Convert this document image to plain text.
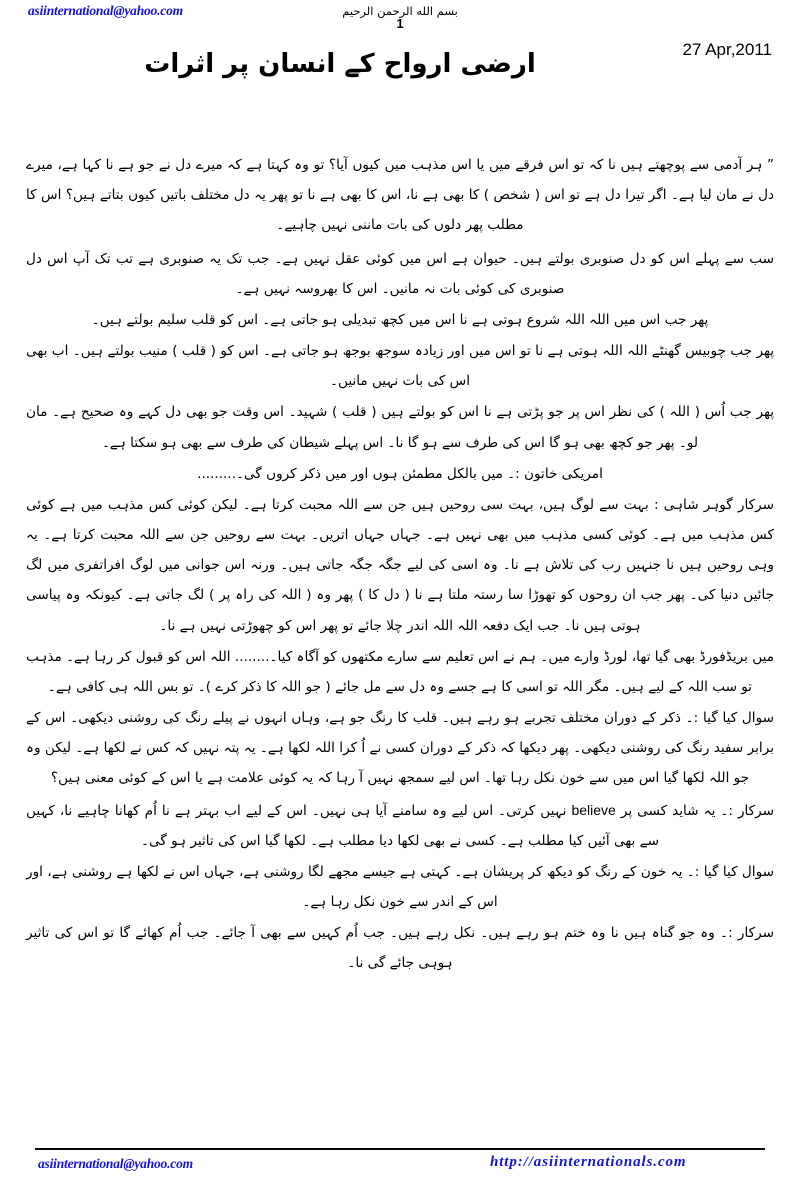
asiinternational@yahoo.com	بسم الله الرحمن الرحيم
1
27 Apr,2011
ارضی ارواح کے انسان پر اثرات

” ہر آدمی سے پوچھتے ہیں نا کہ تو اس فرقے میں یا اس مذہب میں کیوں آیا؟ تو وہ کہتا ہے کہ میرے دل نے جو ہے نا کہا ہے، میرے دل نے مان لیا ہے۔ اگر تیرا دل ہے تو اس ( شخص ) کا بھی ہے نا، اس کا بھی ہے نا تو پھر یہ دل مختلف باتیں کیوں بتاتے ہیں؟ اس کا مطلب پھر دلوں کی بات ماننی نہیں چاہیے۔

سب سے پہلے اس کو دل صنوبری بولتے ہیں۔ حیوان ہے اس میں کوئی عقل نہیں ہے۔ جب تک یہ صنوبری ہے تب تک آپ اس دل صنوبری کی کوئی بات نہ مانیں۔ اس کا بھروسہ نہیں ہے۔

پھر جب اس میں اللہ اللہ شروع ہوتی ہے نا اس میں کچھ تبدیلی ہو جاتی ہے۔ اس کو قلب سلیم بولتے ہیں۔

پھر جب چوبیس گھنٹے اللہ اللہ ہوتی ہے نا تو اس میں اور زیادہ سوجھ بوجھ ہو جاتی ہے۔ اس کو ( قلب ) منیب بولتے ہیں۔ اب بھی اس کی بات نہیں مانیں۔

پھر جب اُس ( اللہ ) کی نظر اس پر جو پڑتی ہے نا اس کو بولتے ہیں ( قلب ) شہید۔ اس وقت جو بھی دل کہے وہ صحیح ہے۔ مان لو۔ پھر جو کچھ بھی ہو گا اس کی طرف سے ہو گا نا۔ اس پہلے شیطان کی طرف سے بھی ہو سکتا ہے۔

امریکی خاتون :۔ میں بالکل مطمئن ہوں اور میں ذکر کروں گی۔.........

سرکار گوہر شاہی : بہت سے لوگ ہیں، بہت سی روحیں ہیں جن سے اللہ محبت کرتا ہے۔ لیکن کوئی کس مذہب میں ہے کوئی کس مذہب میں ہے۔ کوئی کسی مذہب میں بھی نہیں ہے۔ جہاں جہاں اتریں۔ بہت سے روحیں جن سے اللہ محبت کرتا ہے۔ یہ وہی روحیں ہیں نا جنہیں رب کی تلاش ہے نا۔ وہ اسی کی لیے جگہ جگہ جاتی ہیں۔ ورنہ اس جوانی میں لوگ افراتفری میں لگ جائیں دنیا کی۔ پھر جب ان روحوں کو تھوڑا سا رستہ ملتا ہے نا ( دل کا ) پھر وہ ( اللہ کی راہ پر ) لگ جاتی ہے۔ کیونکہ وہ پیاسی ہوتی ہیں نا۔ جب ایک دفعہ اللہ اللہ اندر چلا جائے تو پھر اس کو چھوڑتی نہیں ہے نا۔

میں بریڈفورڈ بھی گیا تھا، لورڈ وارے میں۔ ہم نے اس تعلیم سے سارے مکتھوں کو آگاہ کیا۔........ اللہ اس کو قبول کر رہا ہے۔ مذہب تو سب اللہ کے لیے ہیں۔ مگر اللہ تو اسی کا ہے جسے وہ دل سے مل جائے ( جو اللہ کا ذکر کرے )۔ تو بس اللہ ہی کافی ہے۔

سوال کیا گیا :۔ ذکر کے دوران مختلف تجربے ہو رہے ہیں۔ قلب کا رنگ جو ہے، وہاں انہوں نے پیلے رنگ کی روشنی دیکھی۔ اس کے برابر سفید رنگ کی روشنی دیکھی۔ پھر دیکھا کہ ذکر کے دوران کسی نے اُ کرا اللہ لکھا ہے۔ یہ پتہ نہیں کہ کس نے لکھا ہے۔ لیکن وہ جو اللہ لکھا گیا اس میں سے خون نکل رہا تھا۔ اس لیے سمجھ نہیں آ رہا کہ یہ کوئی علامت ہے یا اس کے کوئی معنی ہیں؟

سرکار :۔ یہ شاید کسی پر believe نہیں کرتی۔ اس لیے وہ سامنے آیا ہی نہیں۔ اس کے لیے اب بہتر ہے نا اُم کھانا چاہیے نا، کہیں سے بھی آئیں کیا مطلب ہے۔ کسی نے بھی لکھا دیا مطلب ہے۔ لکھا گیا اس کی تاثیر ہو گی۔

سوال کیا گیا :۔ یہ خون کے رنگ کو دیکھ کر پریشان ہے۔ کہتی ہے جیسے مجھے لگا روشنی ہے، جہاں اس نے لکھا ہے روشنی ہے، اور اس کے اندر سے خون نکل رہا ہے۔

سرکار :۔ وہ جو گناہ ہیں نا وہ ختم ہو رہے ہیں۔ نکل رہے ہیں۔ جب اُم کہیں سے بھی آ جائے۔ جب اُم کھائے گا تو اس کی تاثیر ہوہی جائے گی نا۔

asiinternational@yahoo.com	http://asiinternationals.com
